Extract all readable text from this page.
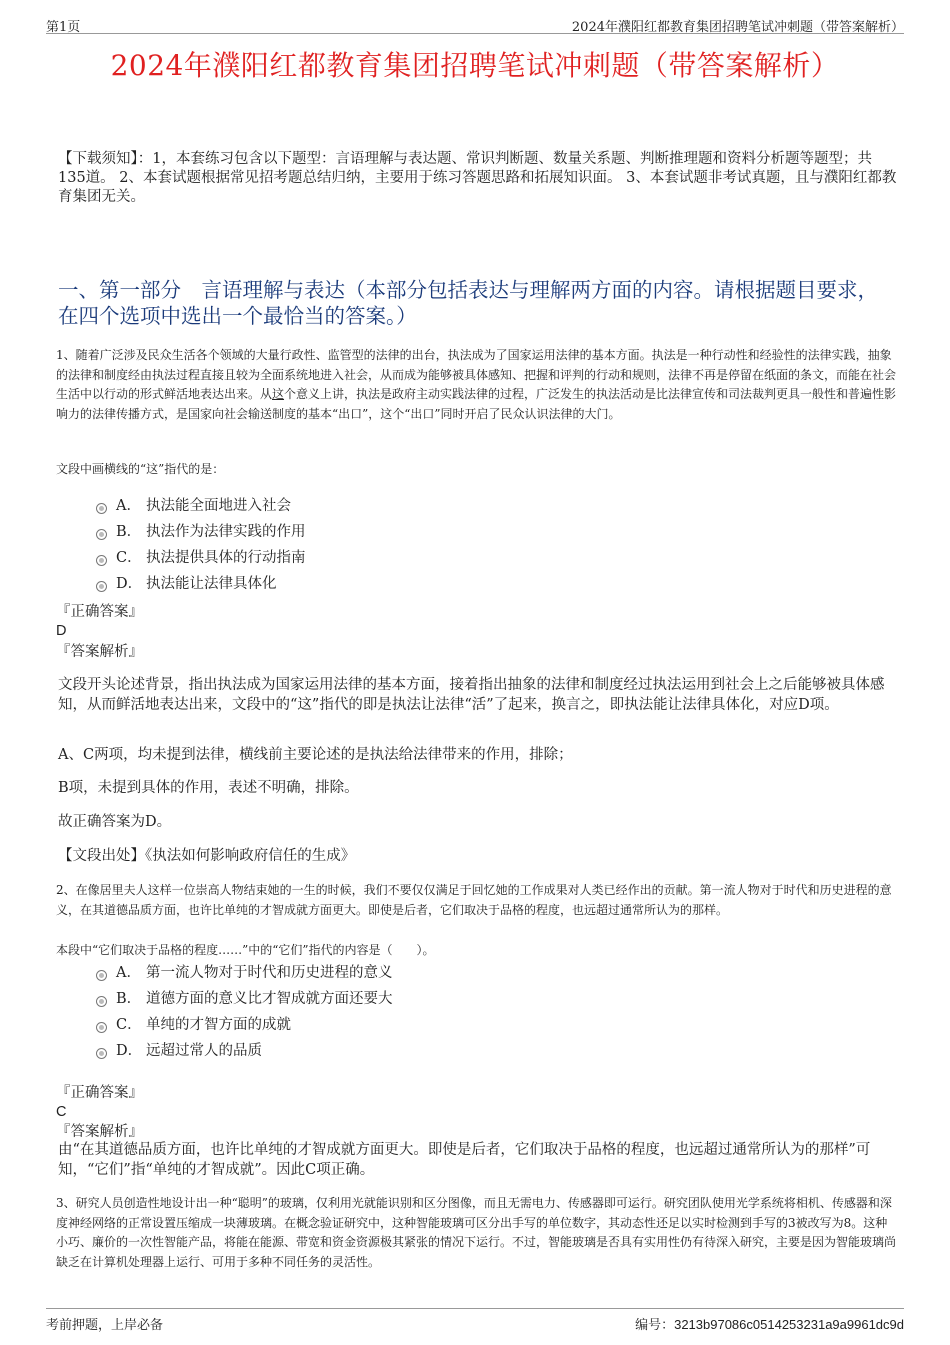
第1页	2024年濮阳红都教育集团招聘笔试冲刺题（带答案解析）
2024年濮阳红都教育集团招聘笔试冲刺题（带答案解析）
【下载须知】：1，本套练习包含以下题型：言语理解与表达题、常识判断题、数量关系题、判断推理题和资料分析题等题型；共135道。 2、本套试题根据常见招考题总结归纳，主要用于练习答题思路和拓展知识面。 3、本套试题非考试真题，且与濮阳红都教育集团无关。
一、第一部分　言语理解与表达（本部分包括表达与理解两方面的内容。请根据题目要求，在四个选项中选出一个最恰当的答案。）
1、随着广泛涉及民众生活各个领域的大量行政性、监管型的法律的出台，执法成为了国家运用法律的基本方面。执法是一种行动性和经验性的法律实践，抽象的法律和制度经由执法过程直接且较为全面系统地进入社会，从而成为能够被具体感知、把握和评判的行动和规则，法律不再是停留在纸面的条文，而能在社会生活中以行动的形式鲜活地表达出来。从这个意义上讲，执法是政府主动实践法律的过程，广泛发生的执法活动是比法律宣传和司法裁判更具一般性和普遍性影响力的法律传播方式，是国家向社会输送制度的基本“出口”，这个“出口”同时开启了民众认识法律的大门。
文段中画横线的“这”指代的是：
A． 执法能全面地进入社会
B． 执法作为法律实践的作用
C． 执法提供具体的行动指南
D． 执法能让法律具体化
『正确答案』
D
『答案解析』
文段开头论述背景，指出执法成为国家运用法律的基本方面，接着指出抽象的法律和制度经过执法运用到社会上之后能够被具体感知，从而鲜活地表达出来，文段中的“这”指代的即是执法让法律“活”了起来，换言之，即执法能让法律具体化，对应D项。
A、C两项，均未提到法律，横线前主要论述的是执法给法律带来的作用，排除；
B项，未提到具体的作用，表述不明确，排除。
故正确答案为D。
【文段出处】《执法如何影响政府信任的生成》
2、在像居里夫人这样一位崇高人物结束她的一生的时候，我们不要仅仅满足于回忆她的工作成果对人类已经作出的贡献。第一流人物对于时代和历史进程的意义，在其道德品质方面，也许比单纯的才智成就方面更大。即使是后者，它们取决于品格的程度，也远超过通常所认为的那样。
本段中“它们取决于品格的程度……”中的“它们”指代的内容是（　　）。
A． 第一流人物对于时代和历史进程的意义
B． 道德方面的意义比才智成就方面还要大
C． 单纯的才智方面的成就
D． 远超过常人的品质
『正确答案』
C
『答案解析』
由“在其道德品质方面，也许比单纯的才智成就方面更大。即使是后者，它们取决于品格的程度，也远超过通常所认为的那样”可知，“它们”指“单纯的才智成就”。因此C项正确。
3、研究人员创造性地设计出一种“聪明”的玻璃，仅利用光就能识别和区分图像，而且无需电力、传感器即可运行。研究团队使用光学系统将相机、传感器和深度神经网络的正常设置压缩成一块薄玻璃。在概念验证研究中，这种智能玻璃可区分出手写的单位数字，其动态性还足以实时检测到手写的3被改写为8。这种小巧、廉价的一次性智能产品，将能在能源、带宽和资金资源极其紧张的情况下运行。不过，智能玻璃是否具有实用性仍有待深入研究，主要是因为智能玻璃尚缺乏在计算机处理器上运行、可用于多种不同任务的灵活性。
考前押题，上岸必备	编号：3213b97086c0514253231a9a9961dc9d
